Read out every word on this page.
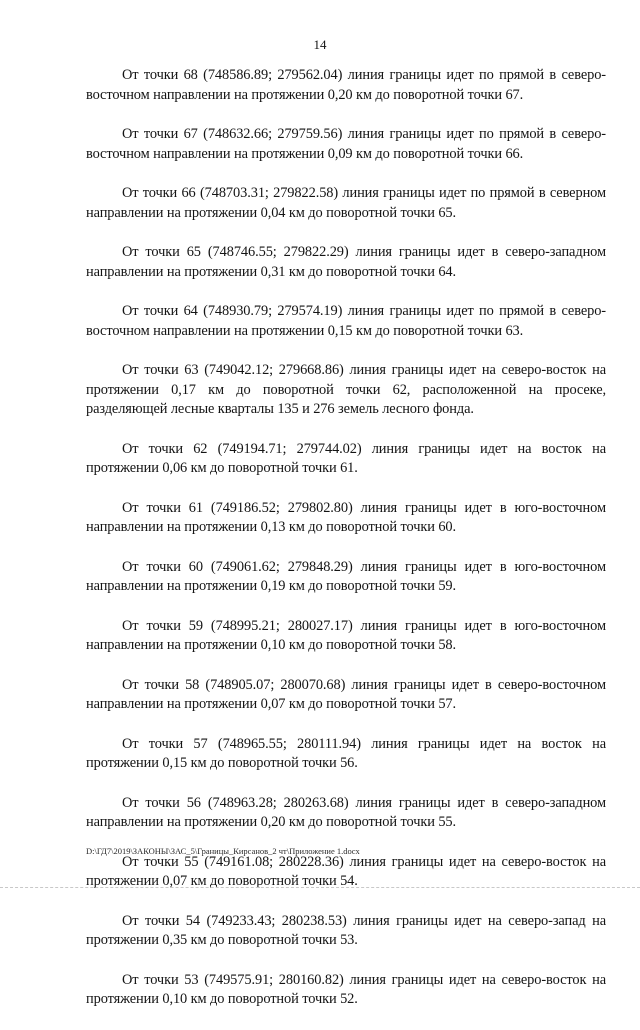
14

От точки 68 (748586.89; 279562.04) линия границы идет по прямой в северо-восточном направлении на протяжении 0,20 км до поворотной точки 67.

От точки 67 (748632.66; 279759.56) линия границы идет по прямой в северо-восточном направлении на протяжении 0,09 км до поворотной точки 66.

От точки 66 (748703.31; 279822.58) линия границы идет по прямой в северном направлении на протяжении 0,04 км до поворотной точки 65.

От точки 65 (748746.55; 279822.29) линия границы идет в северо-западном направлении на протяжении 0,31 км до поворотной точки 64.

От точки 64 (748930.79; 279574.19) линия границы идет по прямой в северо-восточном направлении на протяжении 0,15 км до поворотной точки 63.

От точки 63 (749042.12; 279668.86) линия границы идет на северо-восток на протяжении 0,17 км до поворотной точки 62, расположенной на просеке, разделяющей лесные кварталы 135 и 276 земель лесного фонда.

От точки 62 (749194.71; 279744.02) линия границы идет на восток на протяжении 0,06 км до поворотной точки 61.

От точки 61 (749186.52; 279802.80) линия границы идет в юго-восточном направлении на протяжении 0,13 км до поворотной точки 60.

От точки 60 (749061.62; 279848.29) линия границы идет в юго-восточном направлении на протяжении 0,19 км до поворотной точки 59.

От точки 59 (748995.21; 280027.17) линия границы идет в юго-восточном направлении на протяжении 0,10 км до поворотной точки 58.

От точки 58 (748905.07; 280070.68) линия границы идет в северо-восточном направлении на протяжении 0,07 км до поворотной точки 57.

От точки 57 (748965.55; 280111.94) линия границы идет на восток на протяжении 0,15 км до поворотной точки 56.

От точки 56 (748963.28; 280263.68) линия границы идет в северо-западном направлении на протяжении 0,20 км до поворотной точки 55.

От точки 55 (749161.08; 280228.36) линия границы идет на северо-восток на протяжении 0,07 км до поворотной точки 54.

От точки 54 (749233.43; 280238.53) линия границы идет на северо-запад на протяжении 0,35 км до поворотной точки 53.

От точки 53 (749575.91; 280160.82) линия границы идет на северо-восток на протяжении 0,10 км до поворотной точки 52.

D:\ГД7\2019\ЗАКОНЫ\ЗАС_5\Границы_Кирсанов_2 чт\Приложение 1.docx
